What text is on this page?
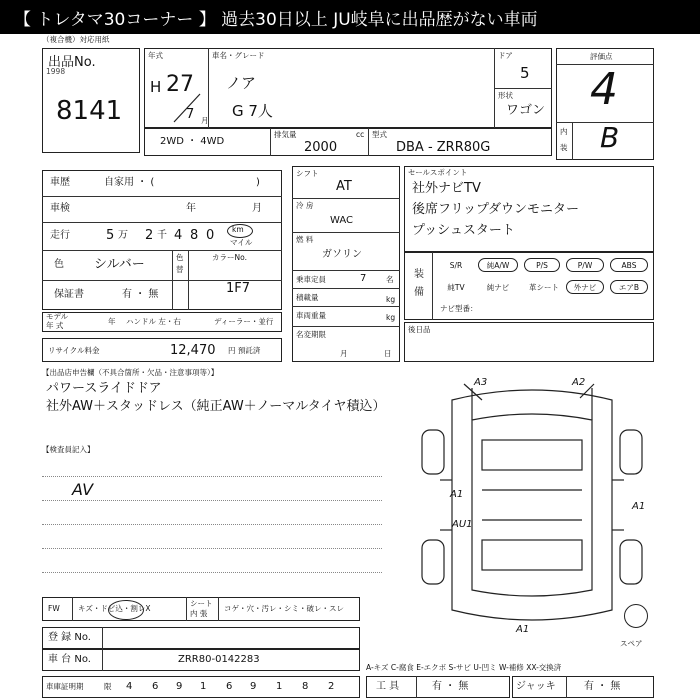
【 トレタマ30コーナー 】 過去30日以上 JU岐阜に出品歴がない車両
（複合機）対応用紙
出品No.
1998
8141
年式
H 27
7 月
車名・グレード
ノア
G 7人
ドア
5
形状
ワゴン
2WD ・ 4WD
排気量	cc
2000
型式
DBA - ZRR80G
評価点
4
内
装 B
車歴	自家用 ・ (	)
車検	年	月
走行	5 万 2 千 4 8 0 km
マイル
色 シルバー	色
替
カラーNo.
1F7
保証書	有 ・ 無
モデル
年 式	年 ハンドル 左・右	ディーラー・並行
リサイクル料金	12,470 円 預託済
シフト
AT
冷 房
WAC
燃 料
ガソリン
乗車定員	7	名
積載量	kg
車両重量	kg
名変期限
月	日
セールスポイント
社外ナビTV
後席フリップダウンモニター
プッシュスタート
装
備
S/R	純A/W	P/S	P/W	ABS
純TV	純ナビ	革シート	外ナビ	エアB
ナビ型番：
後日品
【出品店申告欄（不具合箇所・欠品・注意事項等）】
パワースライドドア
社外AW＋スタッドレス（純正AW＋ノーマルタイヤ積込）
【検査員記入】
AV
A3	A2
A1
AU1
A1
A1
スペア
FW キズ・ドビ込・割レX
シート
内 張
コゲ・穴・汚レ・シミ・破レ・スレ
登 録 No.
車 台 No.	ZRR80-0142283
A-キズ C-腐食 E-エクボ S-サビ U-凹ミ W-補修 XX-交換済
車庫証明期	限 4 6 9 1 6 9 1 8 2	工 具	有 ・ 無	ジャッキ	有 ・ 無
